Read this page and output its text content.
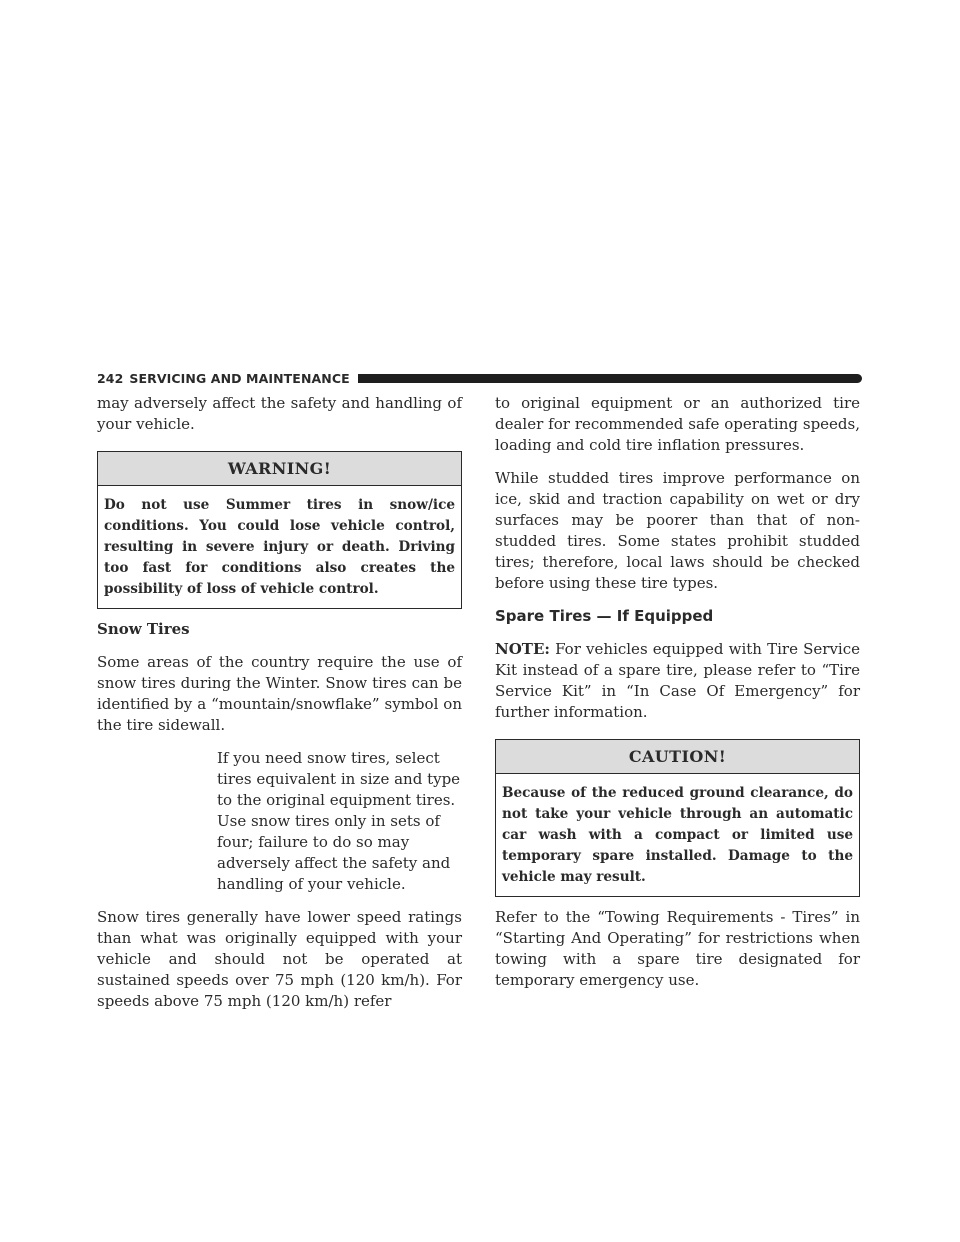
242 SERVICING AND MAINTENANCE

may adversely affect the safety and handling of your vehicle.

WARNING!
Do not use Summer tires in snow/ice conditions. You could lose vehicle control, resulting in severe injury or death. Driving too fast for conditions also creates the possibility of loss of vehicle control.
Snow Tires

Some areas of the country require the use of snow tires during the Winter. Snow tires can be identified by a “mountain/snowflake” symbol on the tire sidewall.

If you need snow tires, select tires equivalent in size and type to the original equipment tires. Use snow tires only in sets of four; failure to do so may adversely affect the safety and handling of your vehicle.

Snow tires generally have lower speed ratings than what was originally equipped with your vehicle and should not be operated at sustained speeds over 75 mph (120 km/h). For speeds above 75 mph (120 km/h) refer

to original equipment or an authorized tire dealer for recommended safe operating speeds, loading and cold tire inflation pressures.

While studded tires improve performance on ice, skid and traction capability on wet or dry surfaces may be poorer than that of non-studded tires. Some states prohibit studded tires; therefore, local laws should be checked before using these tire types.

Spare Tires — If Equipped

NOTE: For vehicles equipped with Tire Service Kit instead of a spare tire, please refer to “Tire Service Kit” in “In Case Of Emergency” for further information.

CAUTION!
Because of the reduced ground clearance, do not take your vehicle through an automatic car wash with a compact or limited use temporary spare installed. Damage to the vehicle may result.

Refer to the “Towing Requirements - Tires” in “Starting And Operating” for restrictions when towing with a spare tire designated for temporary emergency use.
